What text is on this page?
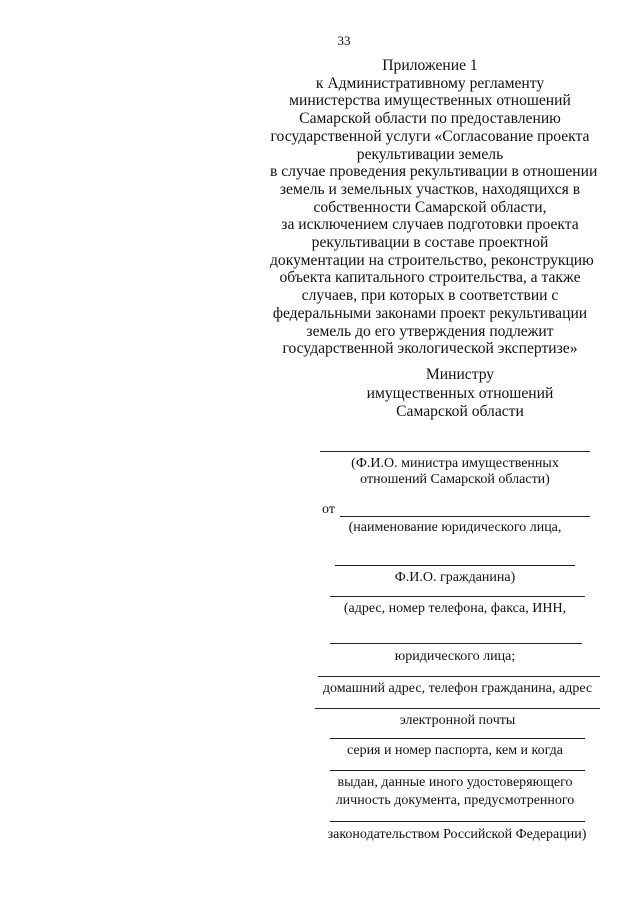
33
Приложение 1
к Административному регламенту
министерства имущественных отношений
Самарской области по предоставлению
государственной услуги «Согласование проекта
рекультивации земель
в случае проведения рекультивации в отношении
земель и земельных участков, находящихся в
собственности Самарской области,
за исключением случаев подготовки проекта
рекультивации в составе проектной
документации на строительство, реконструкцию
объекта капитального строительства, а также
случаев, при которых в соответствии с
федеральными законами проект рекультивации
земель до его утверждения подлежит
государственной экологической экспертизе»
Министру
имущественных отношений
Самарской области
(Ф.И.О. министра имущественных
отношений Самарской области)
от
(наименование юридического лица,
Ф.И.О. гражданина)
(адрес, номер телефона, факса, ИНН,
юридического лица;
домашний адрес, телефон гражданина, адрес
электронной почты
серия и номер паспорта, кем и когда
выдан, данные иного удостоверяющего
личность документа, предусмотренного
законодательством Российской Федерации)
